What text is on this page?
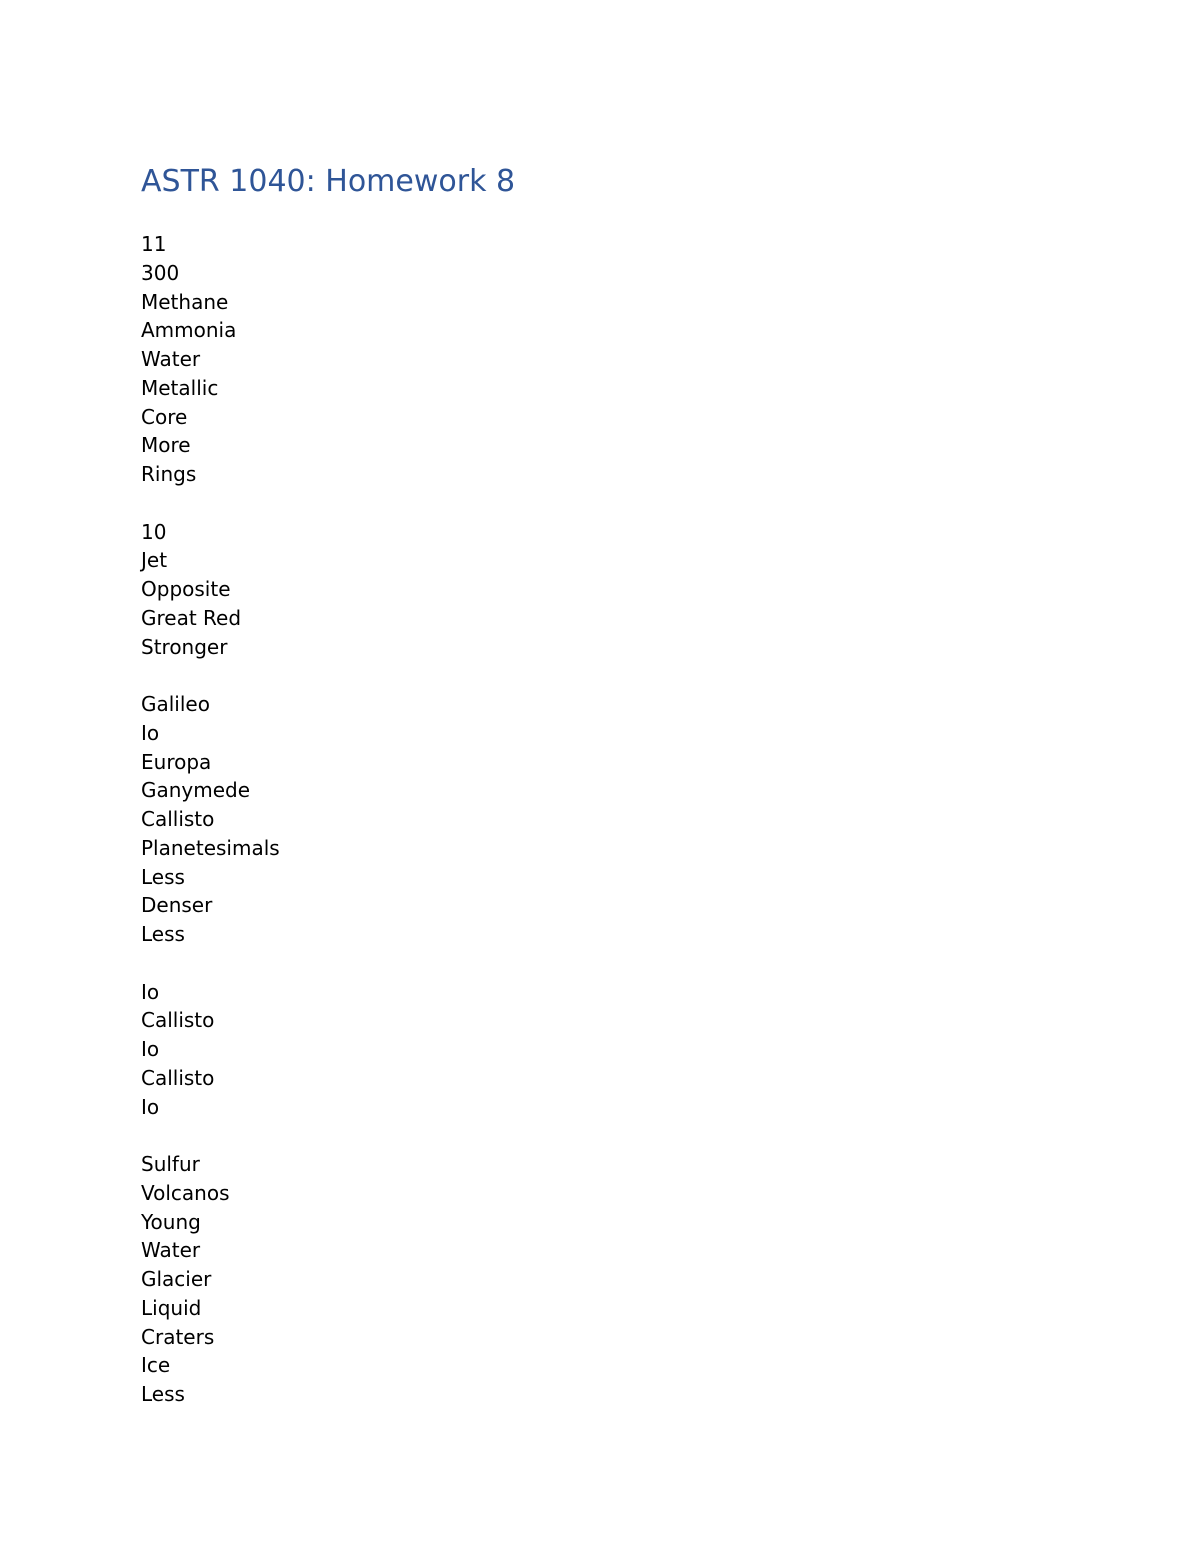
ASTR 1040: Homework 8
11
300
Methane
Ammonia
Water
Metallic
Core
More
Rings
10
Jet
Opposite
Great Red
Stronger
Galileo
Io
Europa
Ganymede
Callisto
Planetesimals
Less
Denser
Less
Io
Callisto
Io
Callisto
Io
Sulfur
Volcanos
Young
Water
Glacier
Liquid
Craters
Ice
Less
